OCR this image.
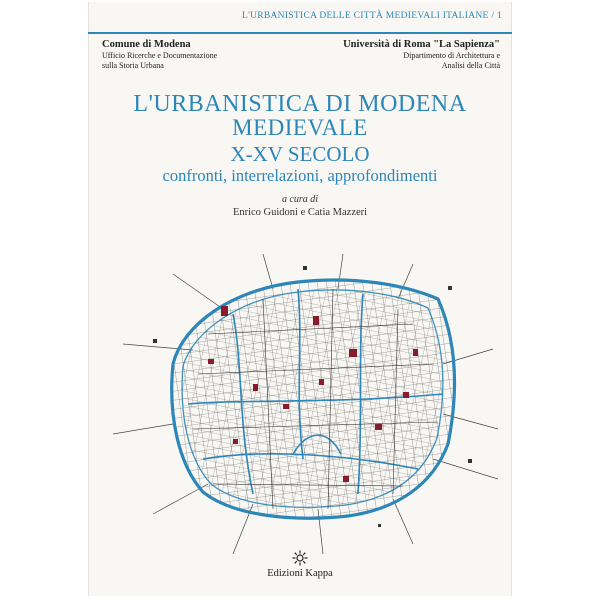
L'URBANISTICA DELLE CITTÀ MEDIEVALI ITALIANE / 1
Comune di Modena
Ufficio Ricerche e Documentazione
sulla Storia Urbana
Università di Roma "La Sapienza"
Dipartimento di Architettura e
Analisi della Città
L'URBANISTICA DI MODENA
MEDIEVALE
X-XV SECOLO
confronti, interrelazioni, approfondimenti
a cura di
Enrico Guidoni e Catia Mazzeri
Edizioni Kappa
